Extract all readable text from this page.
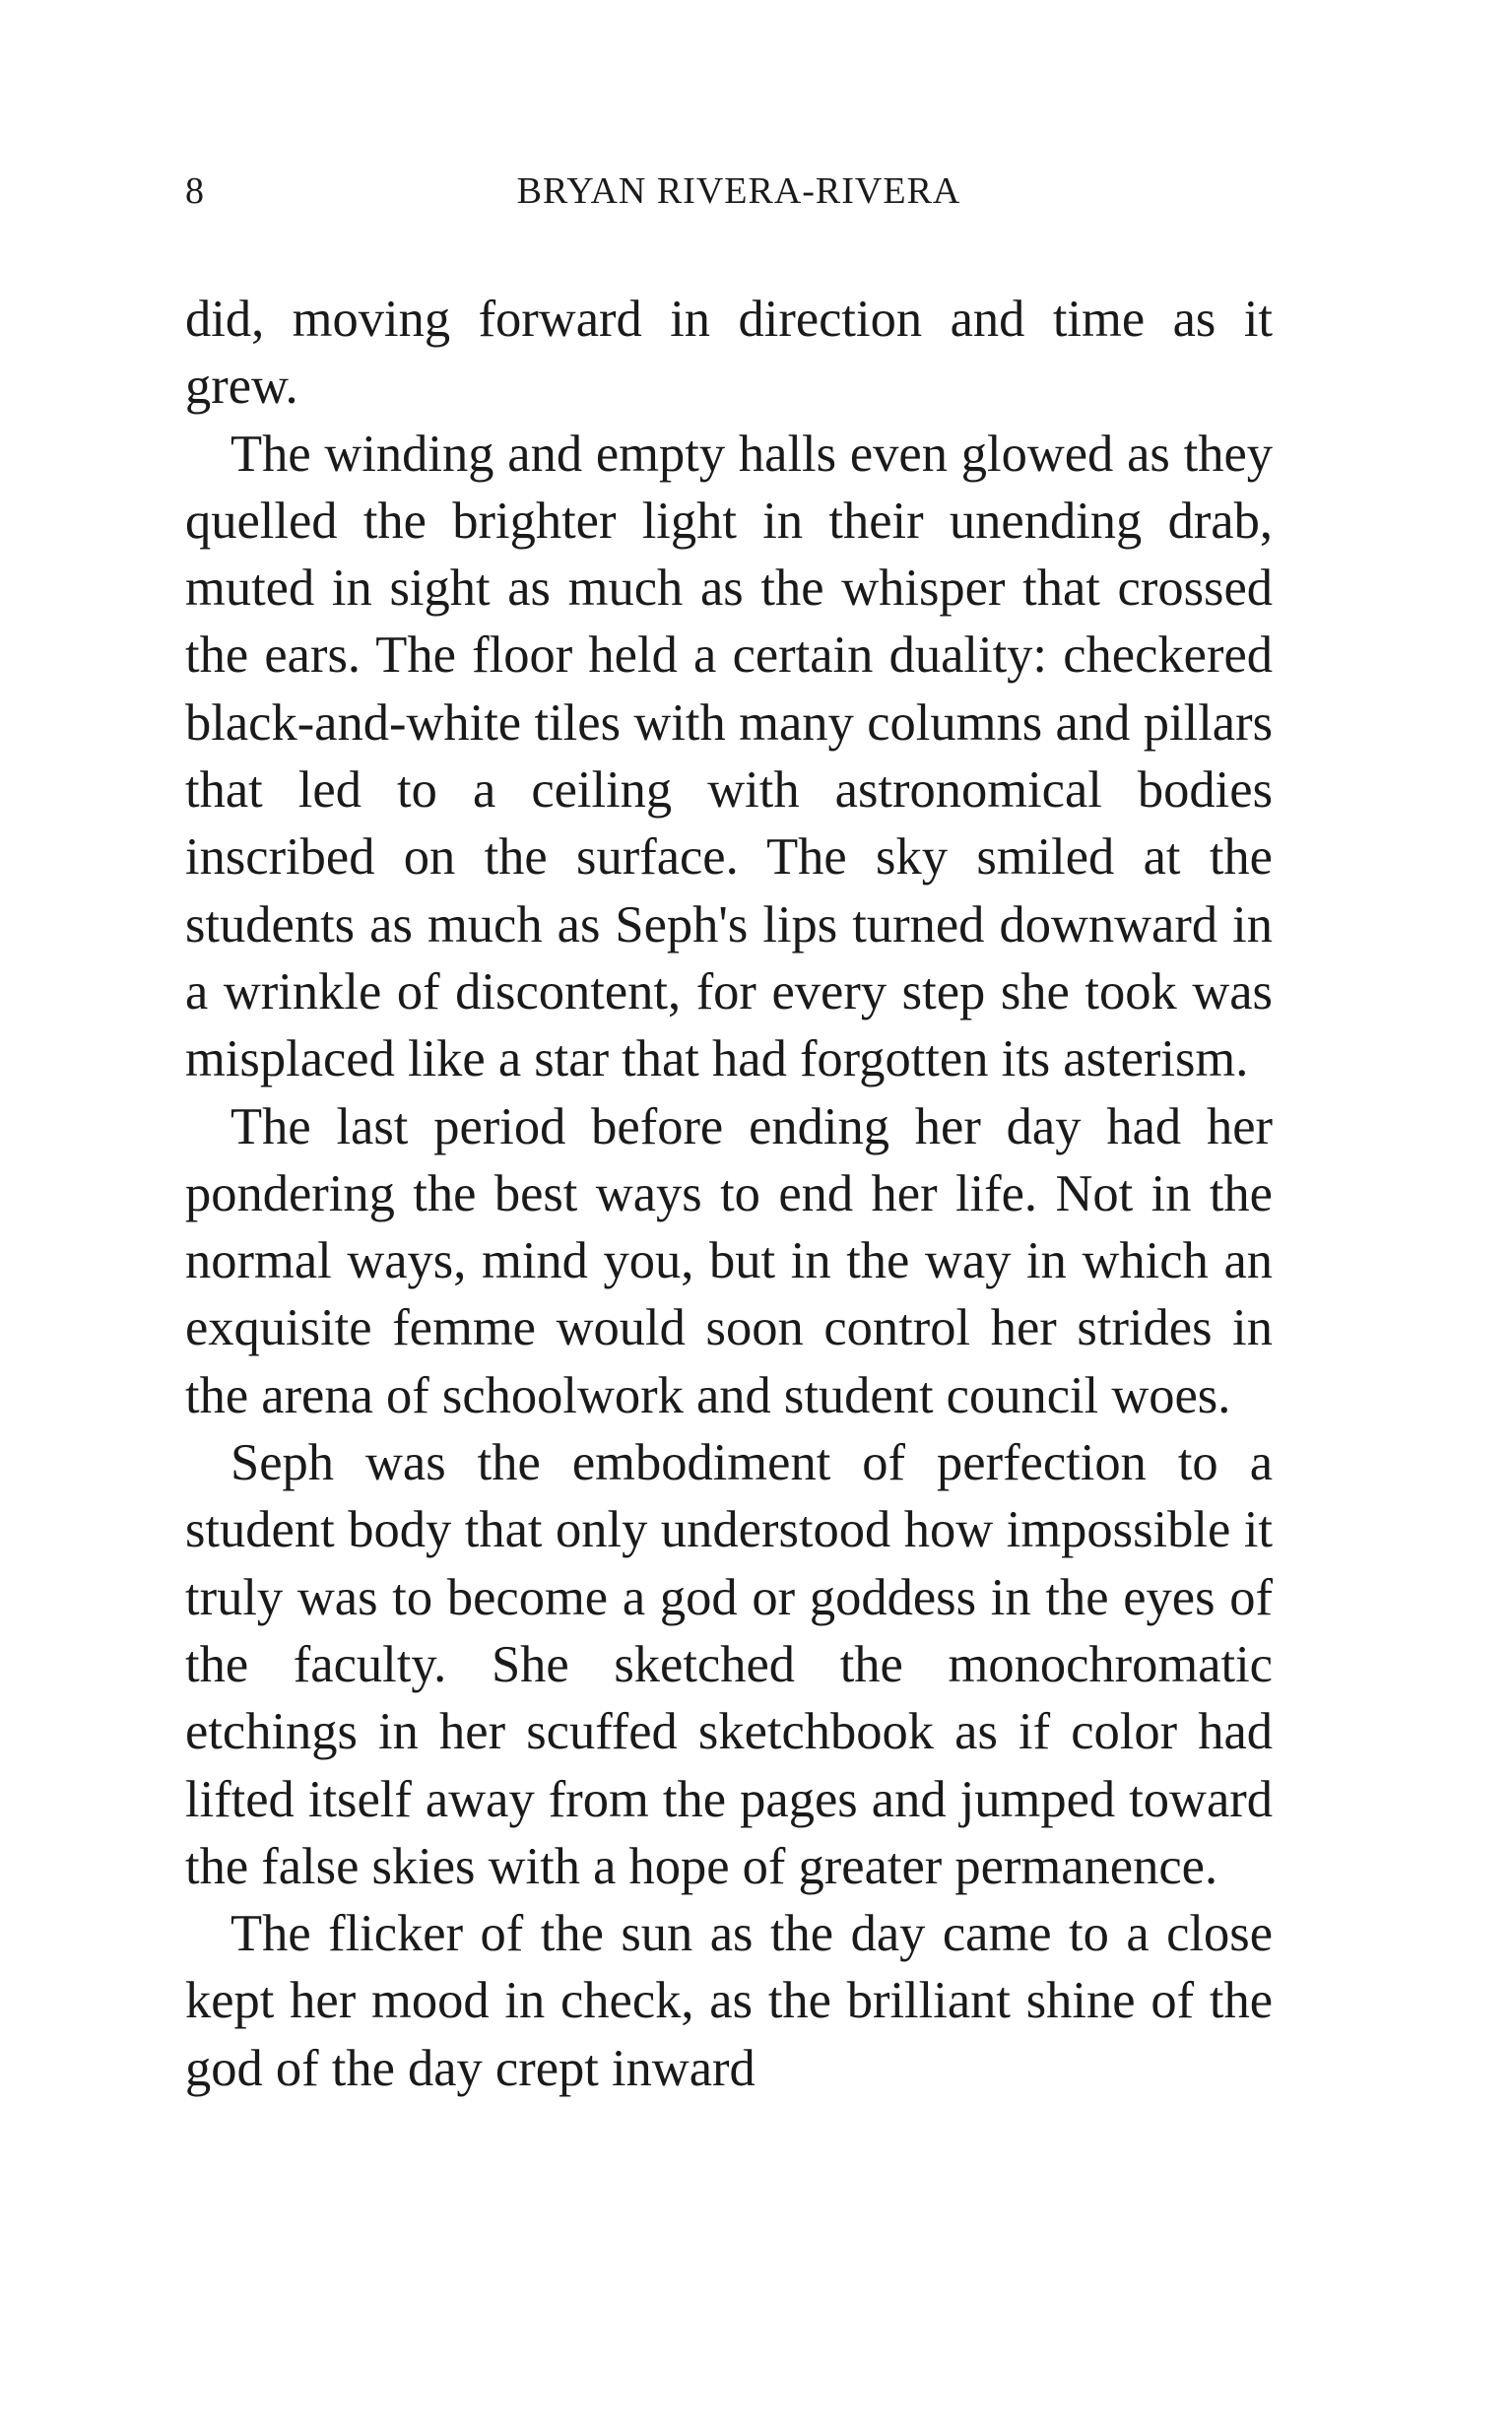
8	BRYAN RIVERA-RIVERA

did, moving forward in direction and time as it grew.

The winding and empty halls even glowed as they quelled the brighter light in their unending drab, muted in sight as much as the whisper that crossed the ears. The floor held a certain duality: checkered black-and-white tiles with many columns and pillars that led to a ceiling with astronomical bodies inscribed on the surface. The sky smiled at the students as much as Seph's lips turned downward in a wrinkle of discontent, for every step she took was misplaced like a star that had forgotten its asterism.

The last period before ending her day had her pondering the best ways to end her life. Not in the normal ways, mind you, but in the way in which an exquisite femme would soon control her strides in the arena of schoolwork and student council woes.

Seph was the embodiment of perfection to a student body that only understood how impossible it truly was to become a god or goddess in the eyes of the faculty. She sketched the monochromatic etchings in her scuffed sketchbook as if color had lifted itself away from the pages and jumped toward the false skies with a hope of greater permanence.

The flicker of the sun as the day came to a close kept her mood in check, as the brilliant shine of the god of the day crept inward
